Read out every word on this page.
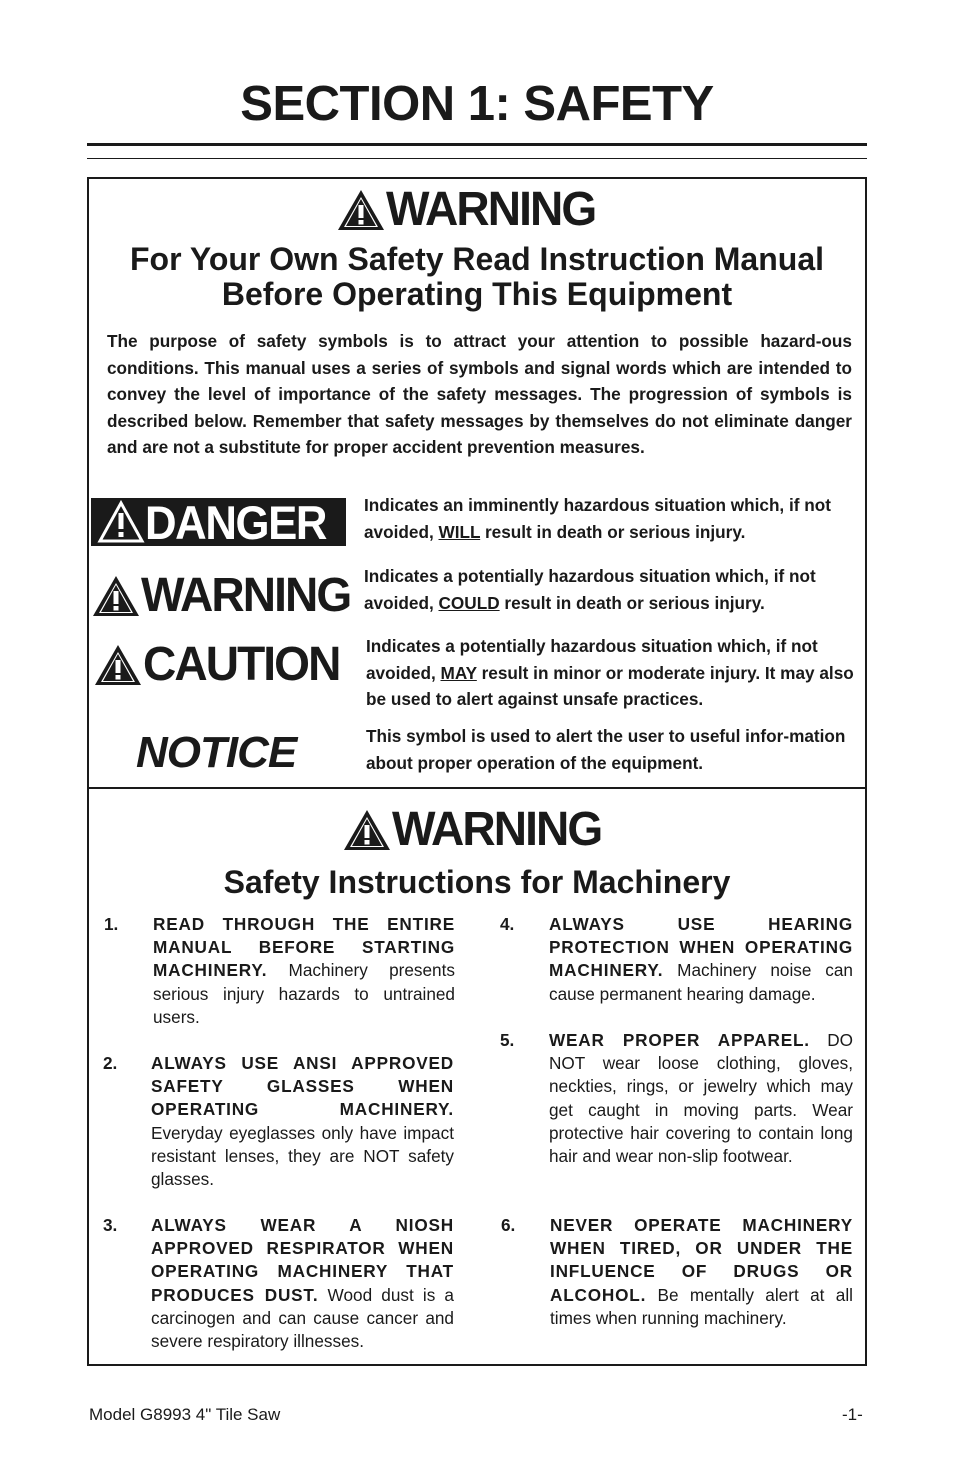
SECTION 1: SAFETY
WARNING
For Your Own Safety Read Instruction Manual
Before Operating This Equipment
The purpose of safety symbols is to attract your attention to possible hazard-ous conditions. This manual uses a series of symbols and signal words which are intended to convey the level of importance of the safety messages. The progression of symbols is described below. Remember that safety messages by themselves do not eliminate danger and are not a substitute for proper accident prevention measures.
DANGER Indicates an imminently hazardous situation which, if not avoided, WILL result in death or serious injury.
WARNING Indicates a potentially hazardous situation which, if not avoided, COULD result in death or serious injury.
CAUTION Indicates a potentially hazardous situation which, if not avoided, MAY result in minor or moderate injury. It may also be used to alert against unsafe practices.
NOTICE	This symbol is used to alert the user to useful infor-mation about proper operation of the equipment.
WARNING
Safety Instructions for Machinery
1. READ THROUGH THE ENTIRE MANUAL BEFORE STARTING MACHINERY. Machinery presents serious injury hazards to untrained users.
2. ALWAYS USE ANSI APPROVED SAFETY GLASSES WHEN OPERATING MACHINERY. Everyday eyeglasses only have impact resistant lenses, they are NOT safety glasses.
3. ALWAYS WEAR A NIOSH APPROVED RESPIRATOR WHEN OPERATING MACHINERY THAT PRODUCES DUST. Wood dust is a carcinogen and can cause cancer and severe respiratory illnesses.
4. ALWAYS USE HEARING PROTECTION WHEN OPERATING MACHINERY. Machinery noise can cause permanent hearing damage.
5. WEAR PROPER APPAREL. DO NOT wear loose clothing, gloves, neckties, rings, or jewelry which may get caught in moving parts. Wear protective hair covering to contain long hair and wear non-slip footwear.
6. NEVER OPERATE MACHINERY WHEN TIRED, OR UNDER THE INFLUENCE OF DRUGS OR ALCOHOL. Be mentally alert at all times when running machinery.
Model G8993 4" Tile Saw	-1-
